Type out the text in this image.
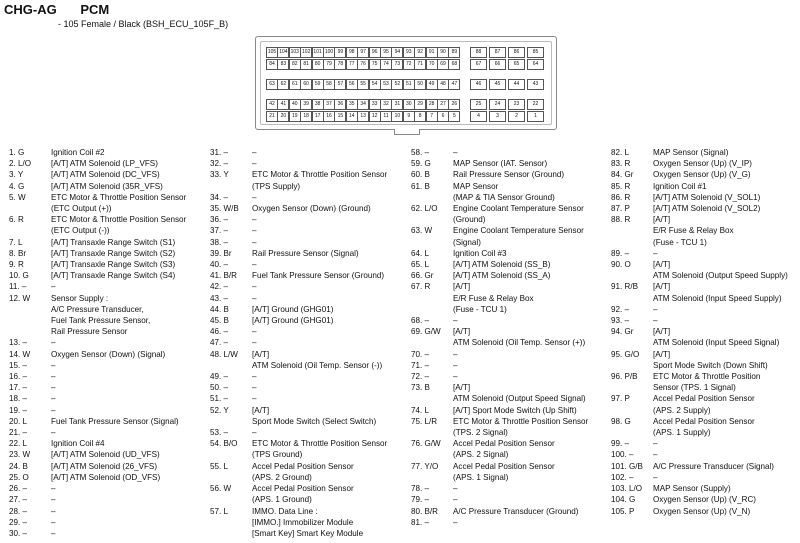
CHG-AG PCM
- 105 Female / Black (BSH_ECU_105F_B)
105 104 103 102 101 100 99	98	97	96	95	94	93	92	91	90	89	88	87	86	85
84	83	82	81	80	79	78	77	76	75	74	73	72	71	70	69	68	67	66	65	64
63	62	61	60	59	58	57	56	55	54	53	52	51	50	49	48	47	46	45	44	43
42	41	40	39	38	37	36	35	34	33	32	31	30	29	28	27	26	25	24	23	22
21	20	19	18	17	16	15	14	13	12	11	10	9	8	7	6	5	4	3	2	1
1. G	Ignition Coil #2
2. L/O	[A/T] ATM Solenoid (LP_VFS)
3. Y	[A/T] ATM Solenoid (DC_VFS)
4. G	[A/T] ATM Solenoid (35R_VFS)
5. W	ETC Motor & Throttle Position Sensor
(ETC Output (+))
6. R	ETC Motor & Throttle Position Sensor
(ETC Output (-))
7. L	[A/T] Transaxle Range Switch (S1)
8. Br	[A/T] Transaxle Range Switch (S2)
9. R	[A/T] Transaxle Range Switch (S3)
10. G	[A/T] Transaxle Range Switch (S4)
11. –	–
12. W	Sensor Supply :
A/C Pressure Transducer,
Fuel Tank Pressure Sensor,
Rail Pressure Sensor
13. –	–
14. W	Oxygen Sensor (Down) (Signal)
15. –	–
16. –	–
17. –	–
18. –	–
19. –	–
20. L	Fuel Tank Pressure Sensor (Signal)
21. –	–
22. L	Ignition Coil #4
23. W	[A/T] ATM Solenoid (UD_VFS)
24. B	[A/T] ATM Solenoid (26_VFS)
25. O	[A/T] ATM Solenoid (OD_VFS)
26. –	–
27. –	–
28. –	–
29. –	–
30. –	–
31. –	–
32. –	–
33. Y	ETC Motor & Throttle Position Sensor
(TPS Supply)
34. –	–
35. W/B	Oxygen Sensor (Down) (Ground)
36. –	–
37. –	–
38. –	–
39. Br	Rail Pressure Sensor (Signal)
40. –	–
41. B/R	Fuel Tank Pressure Sensor (Ground)
42. –	–
43. –	–
44. B	[A/T] Ground (GHG01)
45. B	[A/T] Ground (GHG01)
46. –	–
47. –	–
48. L/W	[A/T]
ATM Solenoid (Oil Temp. Sensor (-))
49. –	–
50. –	–
51. –	–
52. Y	[A/T]
Sport Mode Switch (Select Switch)
53. –	–
54. B/O	ETC Motor & Throttle Position Sensor
(TPS Ground)
55. L	Accel Pedal Position Sensor
(APS. 2 Ground)
56. W	Accel Pedal Position Sensor
(APS. 1 Ground)
57. L	IMMO. Data Line :
[IMMO.] Immobilizer Module
[Smart Key] Smart Key Module
58. –	–
59. G	MAP Sensor (IAT. Sensor)
60. B	Rail Pressure Sensor (Ground)
61. B	MAP Sensor
(MAP & TIA Sensor Ground)
62. L/O	Engine Coolant Temperature Sensor
(Ground)
63. W	Engine Coolant Temperature Sensor
(Signal)
64. L	Ignition Coil #3
65. L	[A/T] ATM Solenoid (SS_B)
66. Gr	[A/T] ATM Solenoid (SS_A)
67. R	[A/T]
E/R Fuse & Relay Box
(Fuse - TCU 1)
68. –	–
69. G/W	[A/T]
ATM Solenoid (Oil Temp. Sensor (+))
70. –	–
71. –	–
72. –	–
73. B	[A/T]
ATM Solenoid (Output Speed Signal)
74. L	[A/T] Sport Mode Switch (Up Shift)
75. L/R	ETC Motor & Throttle Position Sensor
(TPS. 2 Signal)
76. G/W	Accel Pedal Position Sensor
(APS. 2 Signal)
77. Y/O	Accel Pedal Position Sensor
(APS. 1 Signal)
78. –	–
79. –	–
80. B/R	A/C Pressure Transducer (Ground)
81. –	–
82. L	MAP Sensor (Signal)
83. R	Oxygen Sensor (Up) (V_IP)
84. Gr	Oxygen Sensor (Up) (V_G)
85. R	Ignition Coil #1
86. R	[A/T] ATM Solenoid (V_SOL1)
87. P	[A/T] ATM Solenoid (V_SOL2)
88. R	[A/T]
E/R Fuse & Relay Box
(Fuse - TCU 1)
89. –	–
90. O	[A/T]
ATM Solenoid (Output Speed Supply)
91. R/B	[A/T]
ATM Solenoid (Input Speed Supply)
92. –	–
93. –	–
94. Gr	[A/T]
ATM Solenoid (Input Speed Signal)
95. G/O	[A/T]
Sport Mode Switch (Down Shift)
96. P/B	ETC Motor & Throttle Position
Sensor (TPS. 1 Signal)
97. P	Accel Pedal Position Sensor
(APS. 2 Supply)
98. G	Accel Pedal Position Sensor
(APS. 1 Supply)
99. –	–
100. –	–
101. G/B	A/C Pressure Transducer (Signal)
102. –	–
103. L/O	MAP Sensor (Supply)
104. G	Oxygen Sensor (Up) (V_RC)
105. P	Oxygen Sensor (Up) (V_N)
